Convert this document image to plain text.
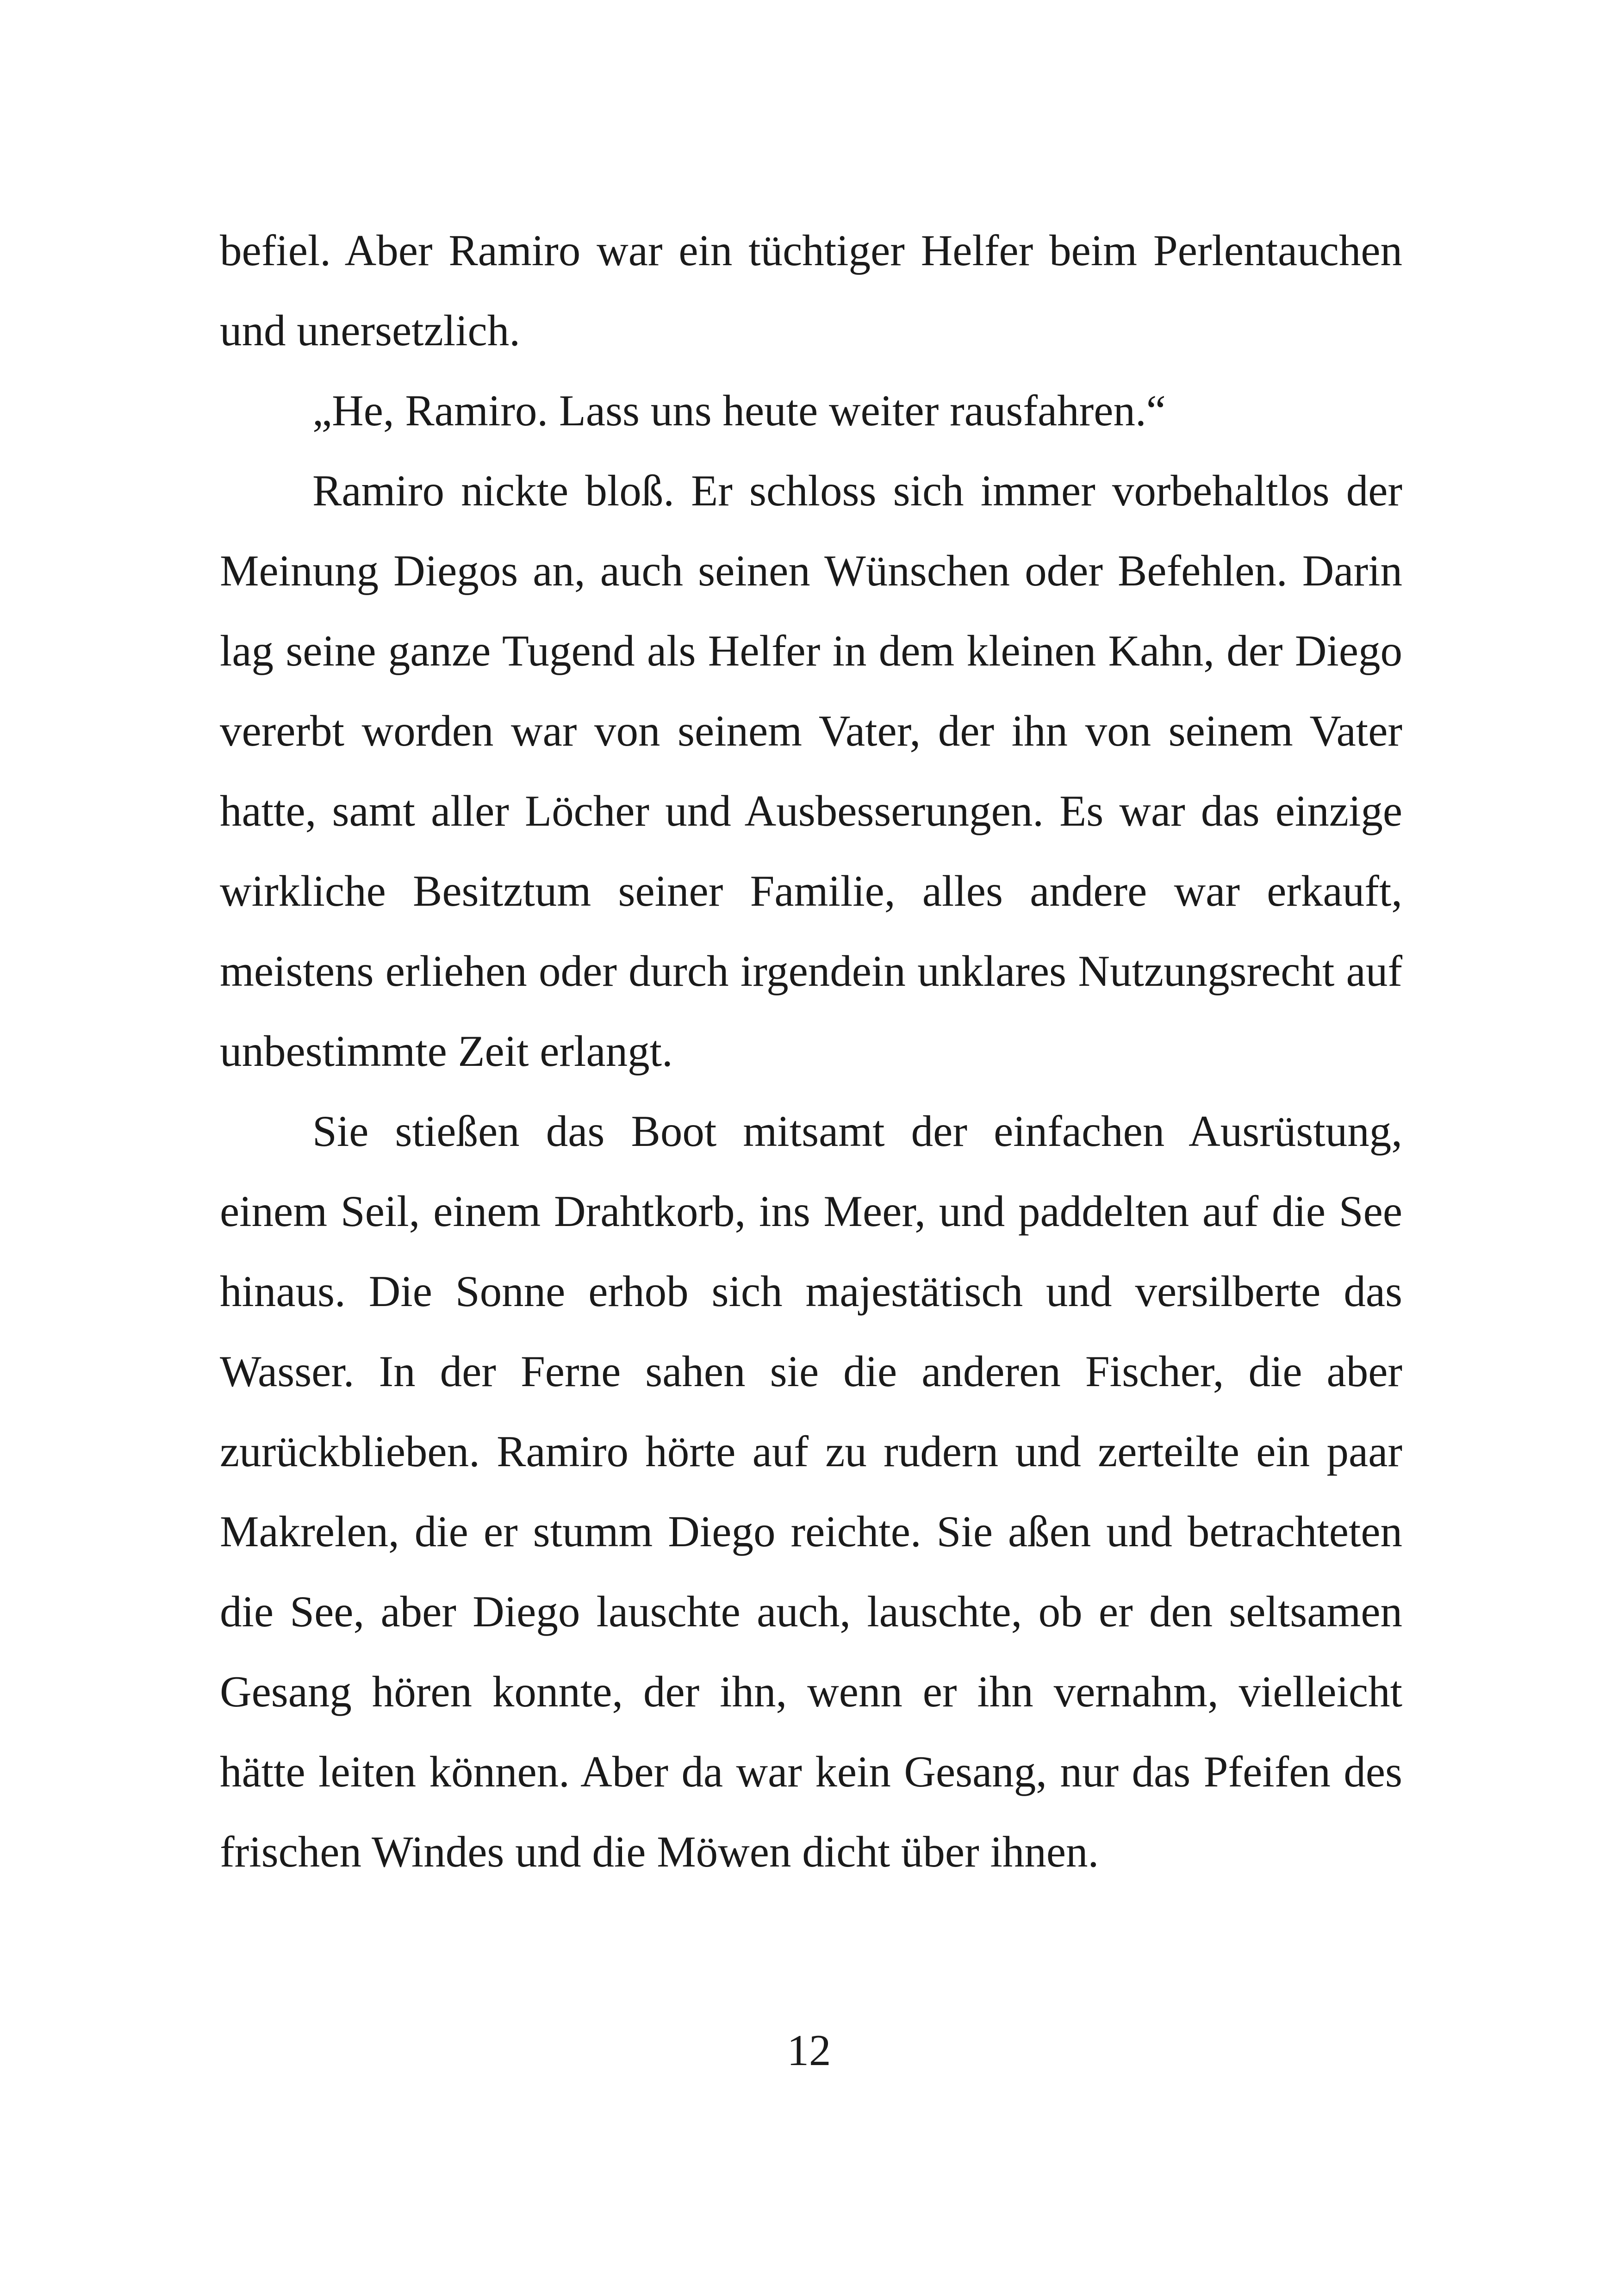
befiel. Aber Ramiro war ein tüchtiger Helfer beim Perlentauchen und unersetzlich.

„He, Ramiro. Lass uns heute weiter rausfahren.“

Ramiro nickte bloß. Er schloss sich immer vorbehaltlos der Meinung Diegos an, auch seinen Wünschen oder Befehlen. Darin lag seine ganze Tugend als Helfer in dem kleinen Kahn, der Diego vererbt worden war von seinem Vater, der ihn von seinem Vater hatte, samt aller Löcher und Ausbesserungen. Es war das einzige wirkliche Besitztum seiner Familie, alles andere war erkauft, meistens erliehen oder durch irgendein unklares Nutzungsrecht auf unbestimmte Zeit erlangt.

Sie stießen das Boot mitsamt der einfachen Ausrüstung, einem Seil, einem Drahtkorb, ins Meer, und paddelten auf die See hinaus. Die Sonne erhob sich majestätisch und versilberte das Wasser. In der Ferne sahen sie die anderen Fischer, die aber zurückblieben. Ramiro hörte auf zu rudern und zerteilte ein paar Makrelen, die er stumm Diego reichte. Sie aßen und betrachteten die See, aber Diego lauschte auch, lauschte, ob er den seltsamen Gesang hören konnte, der ihn, wenn er ihn vernahm, vielleicht hätte leiten können. Aber da war kein Gesang, nur das Pfeifen des frischen Windes und die Möwen dicht über ihnen.

12
